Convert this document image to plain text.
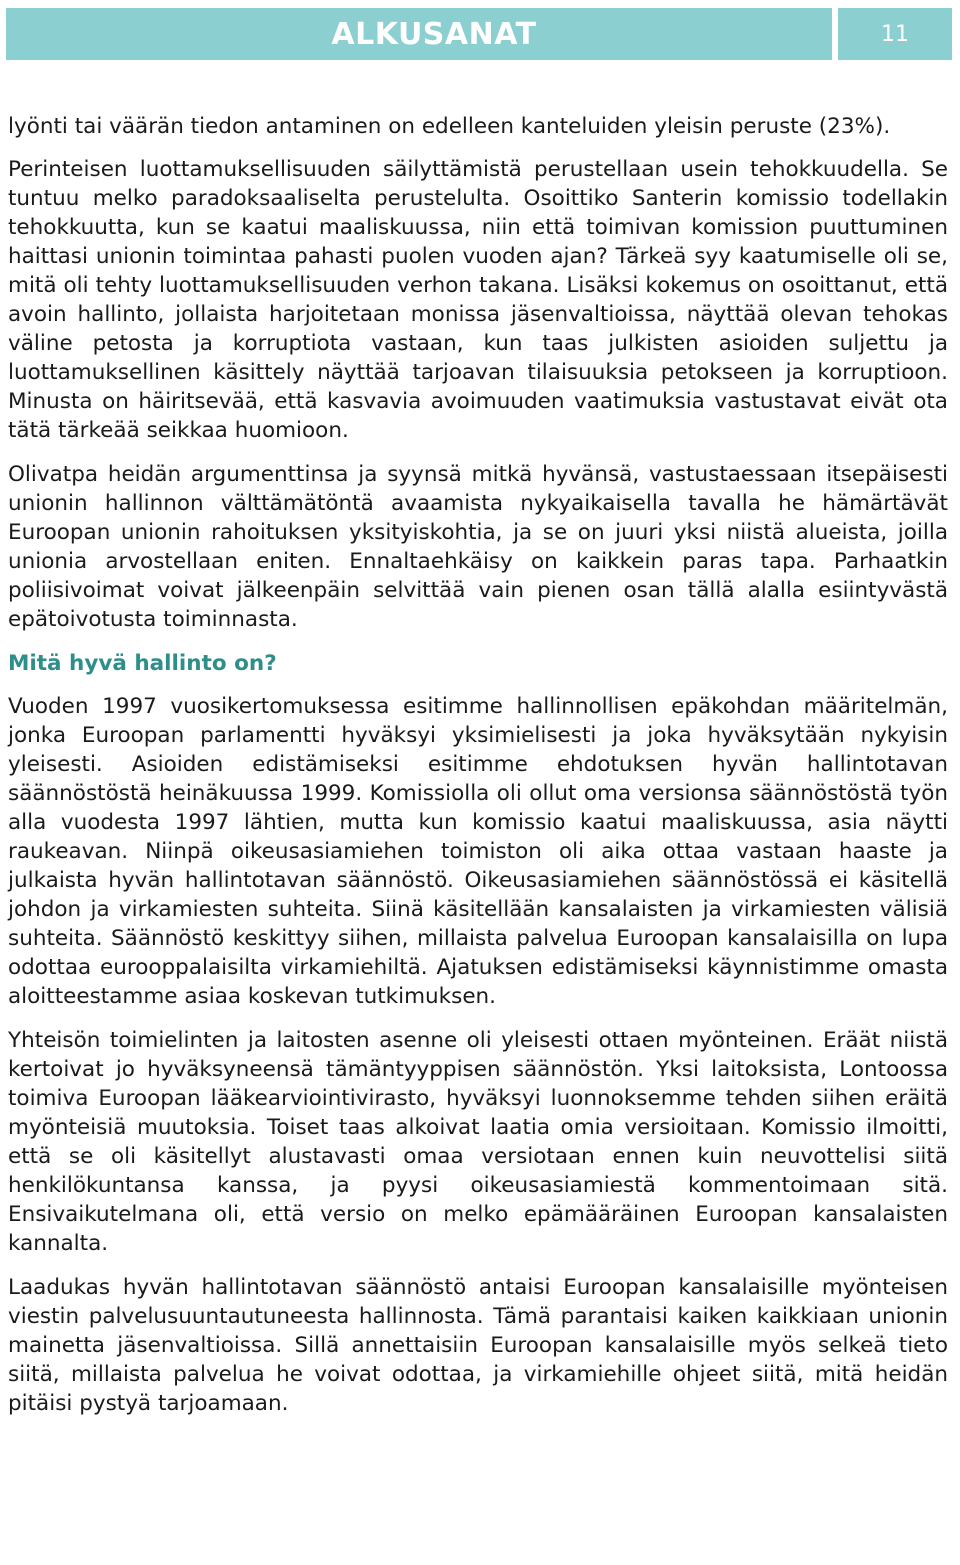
ALKUSANAT	11

lyönti tai väärän tiedon antaminen on edelleen kanteluiden yleisin peruste (23%).

Perinteisen luottamuksellisuuden säilyttämistä perustellaan usein tehokkuudella. Se tuntuu melko paradoksaaliselta perustelulta. Osoittiko Santerin komissio todellakin tehokkuutta, kun se kaatui maaliskuussa, niin että toimivan komission puuttuminen haittasi unionin toimintaa pahasti puolen vuoden ajan? Tärkeä syy kaatumiselle oli se, mitä oli tehty luottamuksellisuuden verhon takana. Lisäksi kokemus on osoittanut, että avoin hallinto, jollaista harjoitetaan monissa jäsenvaltioissa, näyttää olevan tehokas väline petosta ja korruptiota vastaan, kun taas julkisten asioiden suljettu ja luottamuksellinen käsittely näyttää tarjoavan tilaisuuksia petokseen ja korruptioon. Minusta on häiritsevää, että kasvavia avoimuuden vaatimuksia vastustavat eivät ota tätä tärkeää seikkaa huomioon.

Olivatpa heidän argumenttinsa ja syynsä mitkä hyvänsä, vastustaessaan itsepäisesti unionin hallinnon välttämätöntä avaamista nykyaikaisella tavalla he hämärtävät Euroopan unionin rahoituksen yksityiskohtia, ja se on juuri yksi niistä alueista, joilla unionia arvostellaan eniten. Ennaltaehkäisy on kaikkein paras tapa. Parhaatkin poliisivoimat voivat jälkeenpäin selvittää vain pienen osan tällä alalla esiintyvästä epätoivotusta toiminnasta.

Mitä hyvä hallinto on?

Vuoden 1997 vuosikertomuksessa esitimme hallinnollisen epäkohdan määritelmän, jonka Euroopan parlamentti hyväksyi yksimielisesti ja joka hyväksytään nykyisin yleisesti. Asioiden edistämiseksi esitimme ehdotuksen hyvän hallintotavan säännöstöstä heinäkuussa 1999. Komissiolla oli ollut oma versionsa säännöstöstä työn alla vuodesta 1997 lähtien, mutta kun komissio kaatui maaliskuussa, asia näytti raukeavan. Niinpä oikeusasiamiehen toimiston oli aika ottaa vastaan haaste ja julkaista hyvän hallintotavan säännöstö. Oikeusasiamiehen säännöstössä ei käsitellä johdon ja virkamiesten suhteita. Siinä käsitellään kansalaisten ja virkamiesten välisiä suhteita. Säännöstö keskittyy siihen, millaista palvelua Euroopan kansalaisilla on lupa odottaa eurooppalaisilta virkamiehiltä. Ajatuksen edistämiseksi käynnistimme omasta aloitteestamme asiaa koskevan tutkimuksen.

Yhteisön toimielinten ja laitosten asenne oli yleisesti ottaen myönteinen. Eräät niistä kertoivat jo hyväksyneensä tämäntyyppisen säännöstön. Yksi laitoksista, Lontoossa toimiva Euroopan lääkearviointivirasto, hyväksyi luonnoksemme tehden siihen eräitä myönteisiä muutoksia. Toiset taas alkoivat laatia omia versioitaan. Komissio ilmoitti, että se oli käsitellyt alustavasti omaa versiotaan ennen kuin neuvottelisi siitä henkilökuntansa kanssa, ja pyysi oikeusasiamiestä kommentoimaan sitä. Ensivaikutelmana oli, että versio on melko epämääräinen Euroopan kansalaisten kannalta.

Laadukas hyvän hallintotavan säännöstö antaisi Euroopan kansalaisille myönteisen viestin palvelusuuntautuneesta hallinnosta. Tämä parantaisi kaiken kaikkiaan unionin mainetta jäsenvaltioissa. Sillä annettaisiin Euroopan kansalaisille myös selkeä tieto siitä, millaista palvelua he voivat odottaa, ja virkamiehille ohjeet siitä, mitä heidän pitäisi pystyä tarjoamaan.
